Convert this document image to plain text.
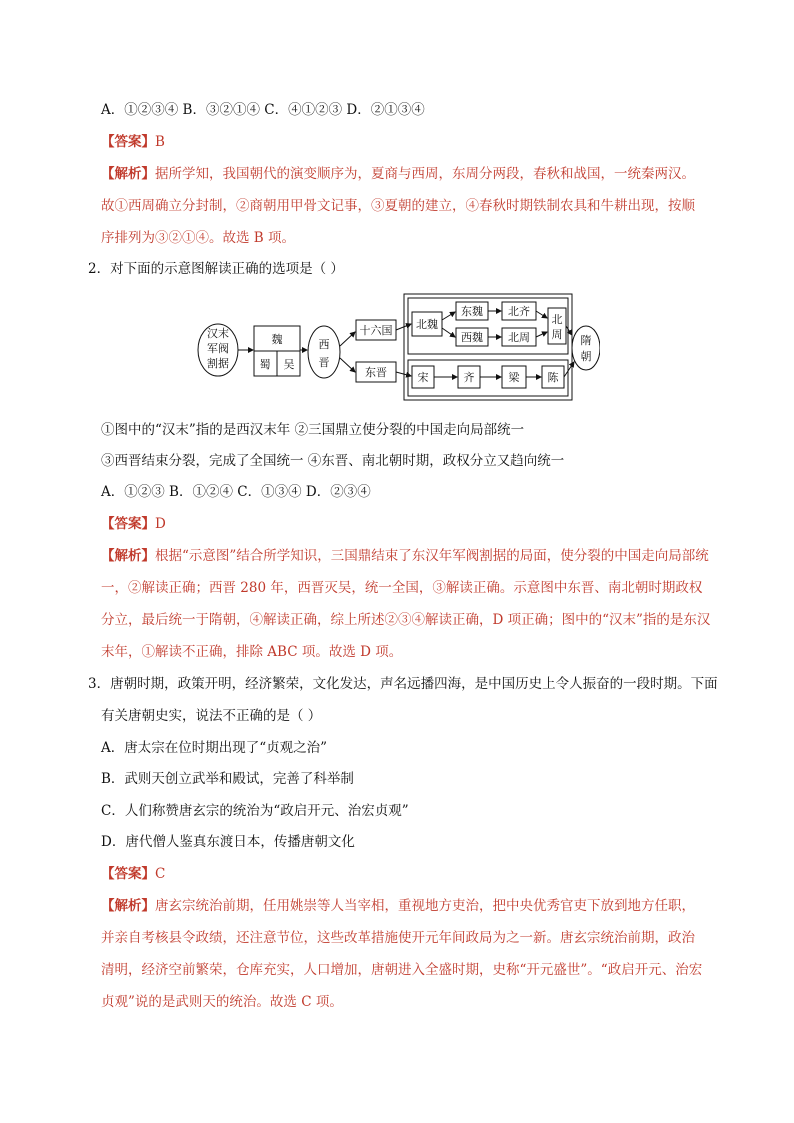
A．①②③④ B．③②①④ C．④①②③ D．②①③④
【答案】B
【解析】据所学知，我国朝代的演变顺序为，夏商与西周，东周分两段，春秋和战国，一统秦两汉。
故①西周确立分封制，②商朝用甲骨文记事，③夏朝的建立，④春秋时期铁制农具和牛耕出现，按顺
序排列为③②①④。故选 B 项。
2．对下面的示意图解读正确的选项是（ ）
汉末
军阀
割据
魏
蜀 吴
西
晋
十六国
东晋
北魏
东魏
西魏
北齐
北周
北
周
宋	齐	梁	陈
隋
朝
①图中的“汉末”指的是西汉末年 ②三国鼎立使分裂的中国走向局部统一
③西晋结束分裂，完成了全国统一 ④东晋、南北朝时期，政权分立又趋向统一
A．①②③ B．①②④ C．①③④ D．②③④
【答案】D
【解析】根据“示意图”结合所学知识，三国鼎结束了东汉年军阀割据的局面，使分裂的中国走向局部统
一，②解读正确；西晋 280 年，西晋灭吴，统一全国，③解读正确。示意图中东晋、南北朝时期政权
分立，最后统一于隋朝，④解读正确，综上所述②③④解读正确，D 项正确；图中的“汉末”指的是东汉
末年，①解读不正确，排除 ABC 项。故选 D 项。
3．唐朝时期，政策开明，经济繁荣，文化发达，声名远播四海，是中国历史上令人振奋的一段时期。下面
有关唐朝史实，说法不正确的是（ ）
A．唐太宗在位时期出现了“贞观之治”
B．武则天创立武举和殿试，完善了科举制
C．人们称赞唐玄宗的统治为“政启开元、治宏贞观”
D．唐代僧人鉴真东渡日本，传播唐朝文化
【答案】C
【解析】唐玄宗统治前期，任用姚崇等人当宰相，重视地方吏治，把中央优秀官吏下放到地方任职，
并亲自考核县令政绩，还注意节位，这些改革措施使开元年间政局为之一新。唐玄宗统治前期，政治
清明，经济空前繁荣，仓库充实，人口增加，唐朝进入全盛时期，史称“开元盛世”。“政启开元、治宏
贞观”说的是武则天的统治。故选 C 项。
